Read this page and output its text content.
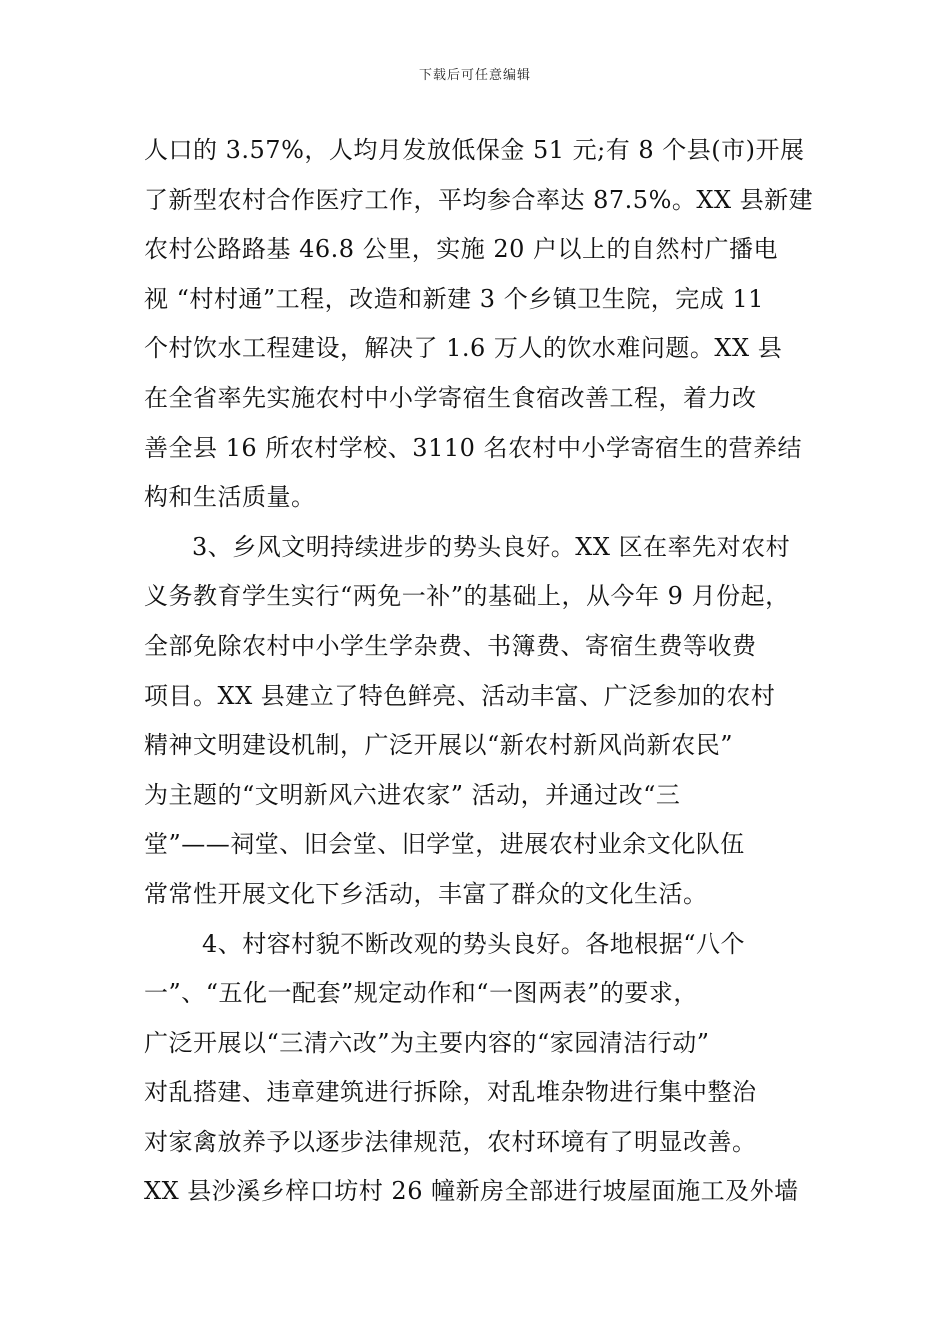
下载后可任意编辑
人口的 3.57%，人均月发放低保金 51 元;有 8 个县(市)开展
了新型农村合作医疗工作，平均参合率达 87.5%。XX 县新建
农村公路路基 46.8 公里，实施 20 户以上的自然村广播电
视 “村村通”工程，改造和新建 3 个乡镇卫生院，完成 11
个村饮水工程建设，解决了 1.6 万人的饮水难问题。XX 县
在全省率先实施农村中小学寄宿生食宿改善工程，着力改
善全县 16 所农村学校、3110 名农村中小学寄宿生的营养结
构和生活质量。
3、乡风文明持续进步的势头良好。XX 区在率先对农村
义务教育学生实行“两免一补”的基础上，从今年 9 月份起，
全部免除农村中小学生学杂费、书簿费、寄宿生费等收费
项目。XX 县建立了特色鲜亮、活动丰富、广泛参加的农村
精神文明建设机制，广泛开展以“新农村新风尚新农民”
为主题的“文明新风六进农家” 活动，并通过改“三
堂”——祠堂、旧会堂、旧学堂，进展农村业余文化队伍
常常性开展文化下乡活动，丰富了群众的文化生活。
4、村容村貌不断改观的势头良好。各地根据“八个
一”、“五化一配套”规定动作和“一图两表”的要求，
广泛开展以“三清六改”为主要内容的“家园清洁行动”
对乱搭建、违章建筑进行拆除，对乱堆杂物进行集中整治
对家禽放养予以逐步法律规范，农村环境有了明显改善。
XX 县沙溪乡梓口坊村 26 幢新房全部进行坡屋面施工及外墙
